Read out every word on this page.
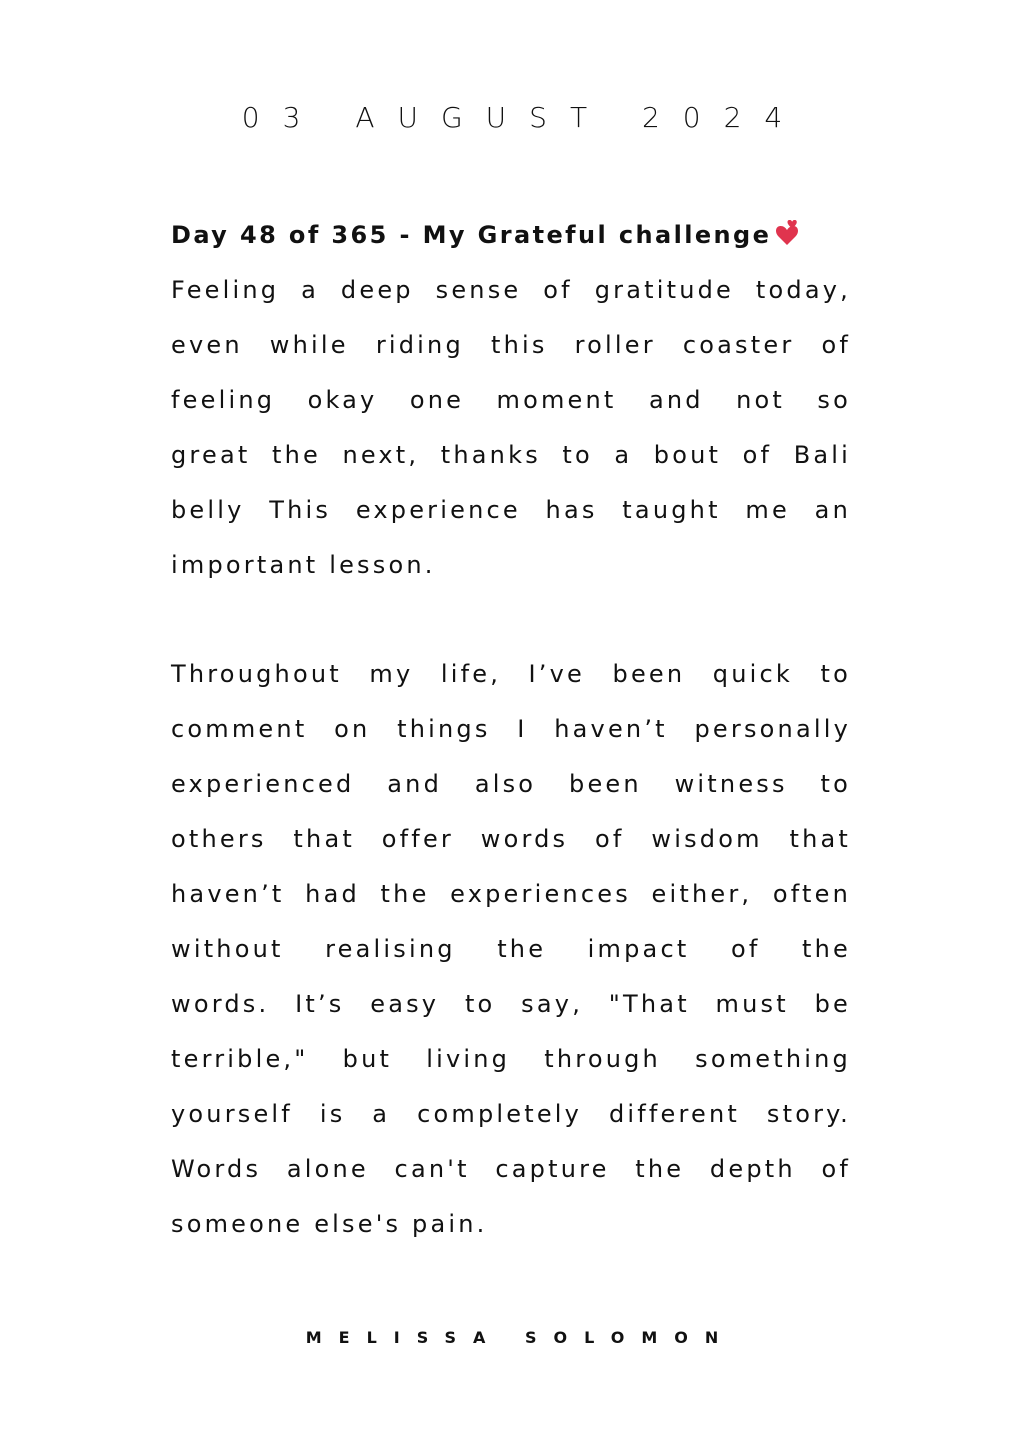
03 AUGUST 2024
Day 48 of 365 - My Grateful challenge
Feeling a deep sense of gratitude today,
even while riding this roller coaster of
feeling okay one moment and not so
great the next, thanks to a bout of Bali
belly This experience has taught me an
important lesson.
Throughout my life, I’ve been quick to
comment on things I haven’t personally
experienced and also been witness to
others that offer words of wisdom that
haven’t had the experiences either, often
without realising the impact of the
words. It’s easy to say, "That must be
terrible," but living through something
yourself is a completely different story.
Words alone can't capture the depth of
someone else's pain.
MELISSA SOLOMON
